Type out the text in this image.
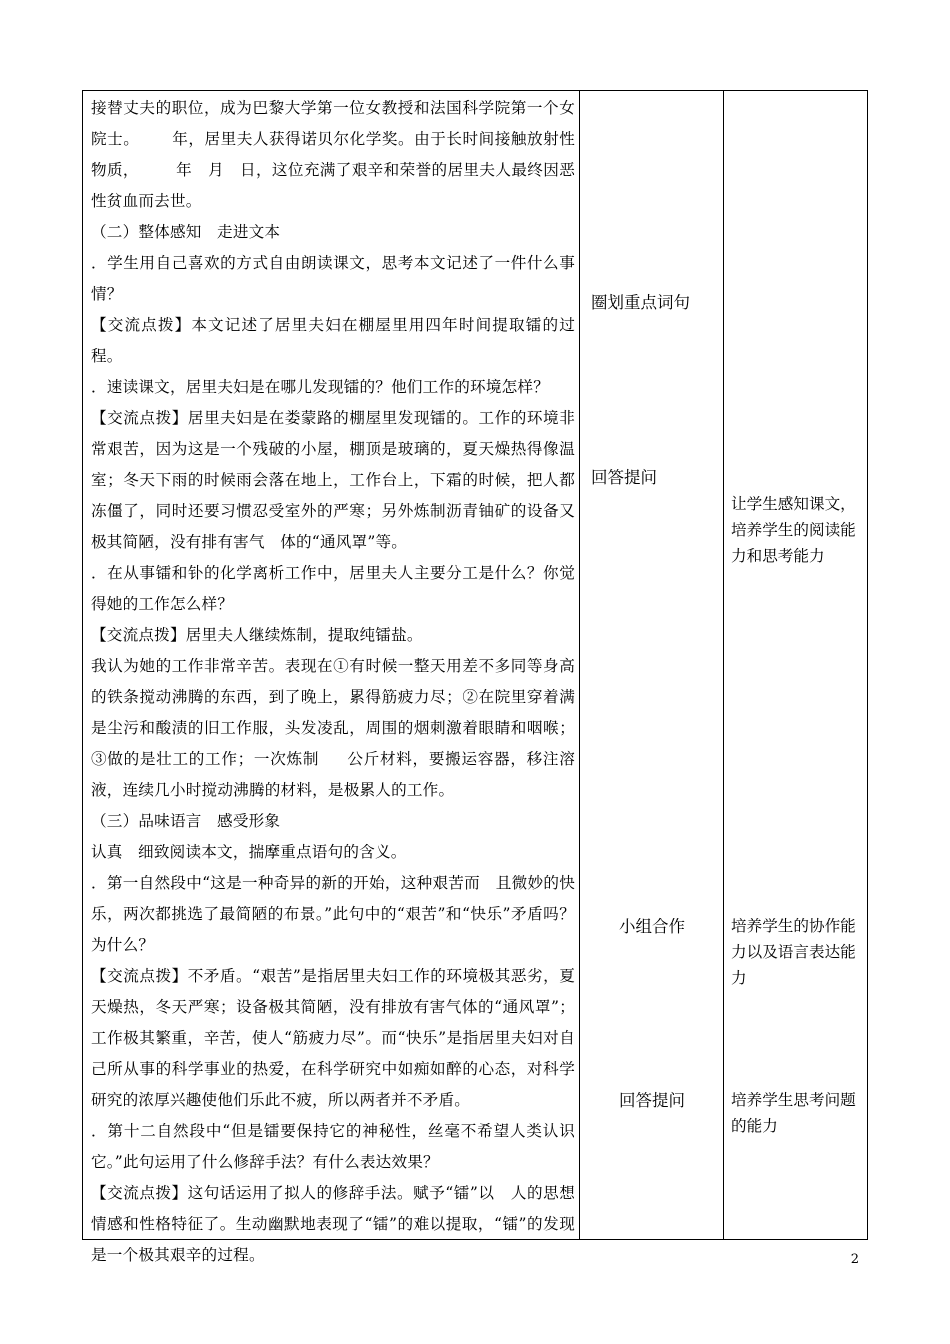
接替丈夫的职位，成为巴黎大学第一位女教授和法国科学院第一个女院士。      年，居里夫人获得诺贝尔化学奖。由于长时间接触放射性物质，       年   月   日，这位充满了艰辛和荣誉的居里夫人最终因恶性贫血而去世。

（二）整体感知   走进文本

．学生用自己喜欢的方式自由朗读课文，思考本文记述了一件什么事情？

【交流点拨】本文记述了居里夫妇在棚屋里用四年时间提取镭的过程。

．速读课文，居里夫妇是在哪儿发现镭的？他们工作的环境怎样？

【交流点拨】居里夫妇是在娄蒙路的棚屋里发现镭的。工作的环境非常艰苦，因为这是一个残破的小屋，棚顶是玻璃的，夏天燥热得像温室；冬天下雨的时候雨会落在地上，工作台上，下霜的时候，把人都冻僵了，同时还要习惯忍受室外的严寒；另外炼制沥青铀矿的设备又极其简陋，没有排有害气   体的“通风罩”等。

．在从事镭和钋的化学离析工作中，居里夫人主要分工是什么？你觉得她的工作怎么样？

【交流点拨】居里夫人继续炼制，提取纯镭盐。

我认为她的工作非常辛苦。表现在①有时候一整天用差不多同等身高的铁条搅动沸腾的东西，到了晚上，累得筋疲力尽；②在院里穿着满是尘污和酸渍的旧工作服，头发凌乱，周围的烟刺激着眼睛和咽喉；③做的是壮工的工作；一次炼制     公斤材料，要搬运容器，移注溶液，连续几小时搅动沸腾的材料，是极累人的工作。

（三）品味语言   感受形象

认真   细致阅读本文，揣摩重点语句的含义。

．第一自然段中“这是一种奇异的新的开始，这种艰苦而   且微妙的快乐，两次都挑选了最简陋的布景。”此句中的“艰苦”和“快乐”矛盾吗？为什么？

【交流点拨】不矛盾。“艰苦”是指居里夫妇工作的环境极其恶劣，夏天燥热，冬天严寒；设备极其简陋，没有排放有害气体的“通风罩”；工作极其繁重，辛苦，使人“筋疲力尽”。而“快乐”是指居里夫妇对自己所从事的科学事业的热爱，在科学研究中如痴如醉的心态，对科学研究的浓厚兴趣使他们乐此不疲，所以两者并不矛盾。

．第十二自然段中“但是镭要保持它的神秘性，丝毫不希望人类认识它。”此句运用了什么修辞手法？有什么表达效果？

【交流点拨】这句话运用了拟人的修辞手法。赋予“镭”以   人的思想情感和性格特征了。生动幽默地表现了“镭”的难以提取，“镭”的发现是一个极其艰辛的过程。

圈划重点词句
回答提问
小组合作
回答提问
让学生感知课文，培养学生的阅读能力和思考能力
培养学生的协作能力以及语言表达能力
培养学生思考问题的能力
2
